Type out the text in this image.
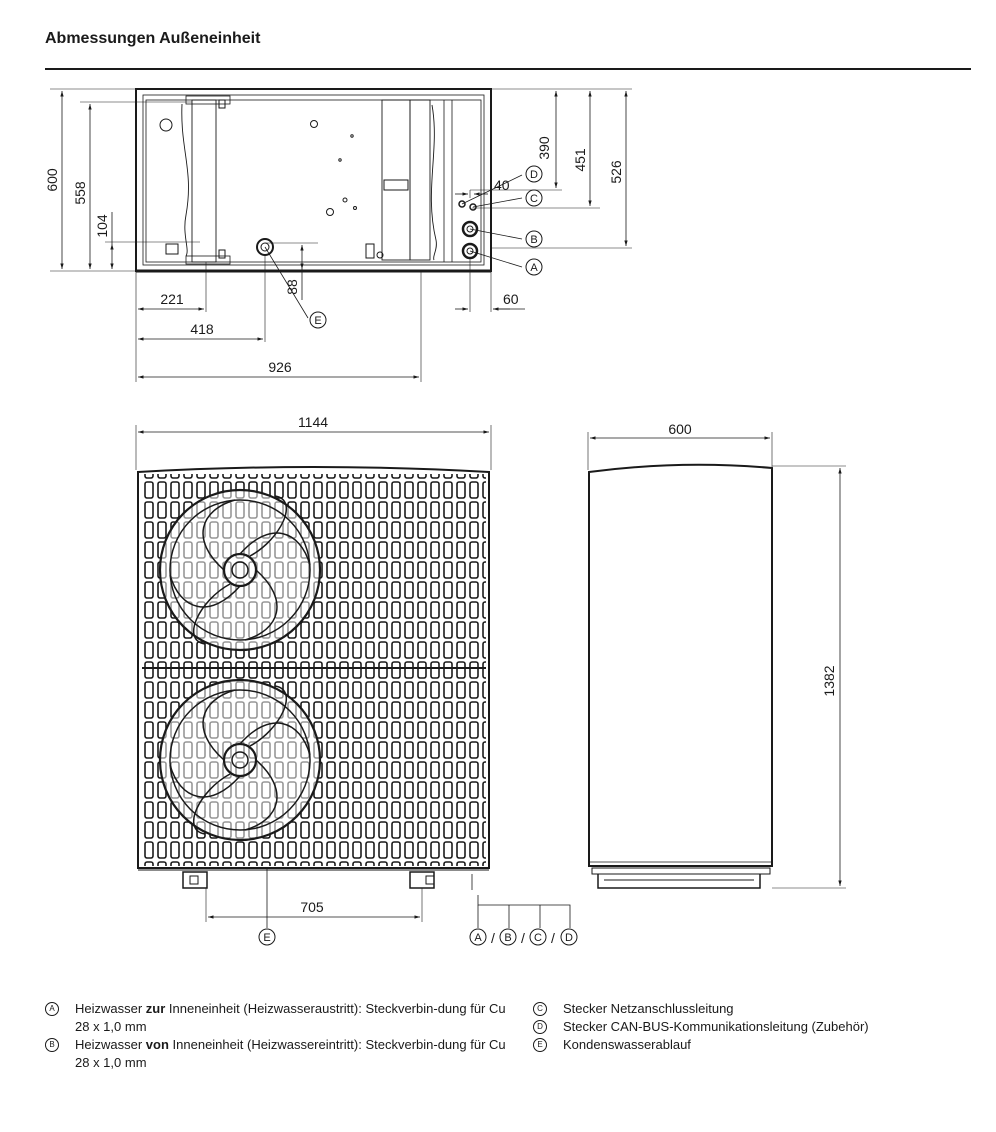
Abmessungen Außeneinheit
600
558
104
390
451
526
40
88
60
221
418
926
D
C
B
A
E
1144
705
E	A B C D
/ / /
600
1382
A	Heizwasser zur Inneneinheit (Heizwasseraustritt): Steckverbin-dung für Cu 28 x 1,0 mm
B	Heizwasser von Inneneinheit (Heizwassereintritt): Steckverbin-dung für Cu 28 x 1,0 mm
C	Stecker Netzanschlussleitung
D	Stecker CAN-BUS-Kommunikationsleitung (Zubehör)
E	Kondenswasserablauf
